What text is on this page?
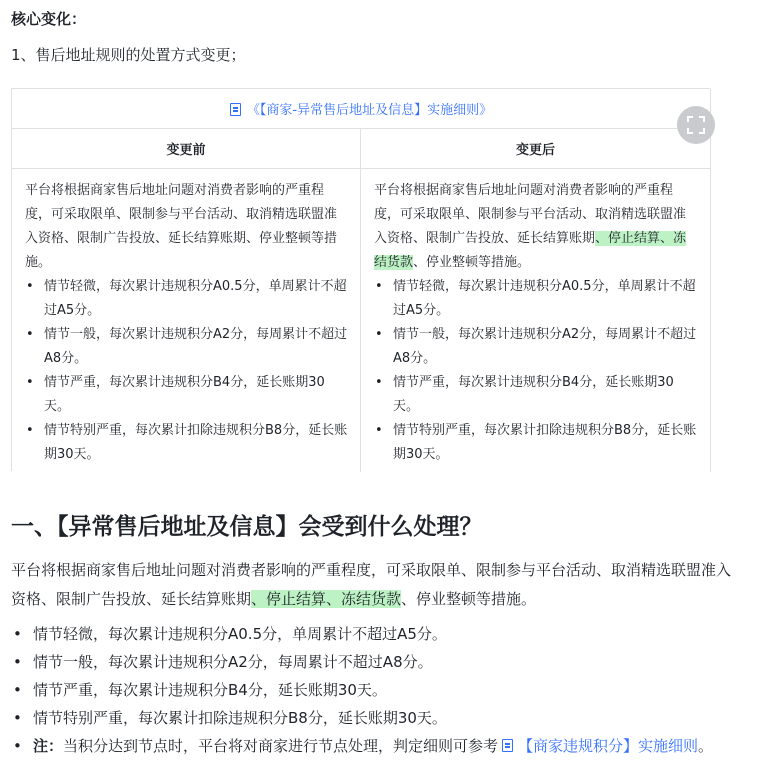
核心变化：
1、售后地址规则的处置方式变更；
《【商家-异常售后地址及信息】实施细则》
变更前	变更后
平台将根据商家售后地址问题对消费者影响的严重程度，可采取限单、限制参与平台活动、取消精选联盟准入资格、限制广告投放、延长结算账期、停业整顿等措施。
• 情节轻微，每次累计违规积分A0.5分，单周累计不超过A5分。
• 情节一般，每次累计违规积分A2分，每周累计不超过A8分。
• 情节严重，每次累计违规积分B4分，延长账期30天。
• 情节特别严重，每次累计扣除违规积分B8分，延长账期30天。
平台将根据商家售后地址问题对消费者影响的严重程度，可采取限单、限制参与平台活动、取消精选联盟准入资格、限制广告投放、延长结算账期、停止结算、冻结货款、停业整顿等措施。
• 情节轻微，每次累计违规积分A0.5分，单周累计不超过A5分。
• 情节一般，每次累计违规积分A2分，每周累计不超过A8分。
• 情节严重，每次累计违规积分B4分，延长账期30天。
• 情节特别严重，每次累计扣除违规积分B8分，延长账期30天。
一、【异常售后地址及信息】会受到什么处理？
平台将根据商家售后地址问题对消费者影响的严重程度，可采取限单、限制参与平台活动、取消精选联盟准入资格、限制广告投放、延长结算账期、停止结算、冻结货款、停业整顿等措施。
• 情节轻微，每次累计违规积分A0.5分，单周累计不超过A5分。
• 情节一般，每次累计违规积分A2分，每周累计不超过A8分。
• 情节严重，每次累计违规积分B4分，延长账期30天。
• 情节特别严重，每次累计扣除违规积分B8分，延长账期30天。
• 注：当积分达到节点时，平台将对商家进行节点处理，判定细则可参考 【商家违规积分】实施细则。
